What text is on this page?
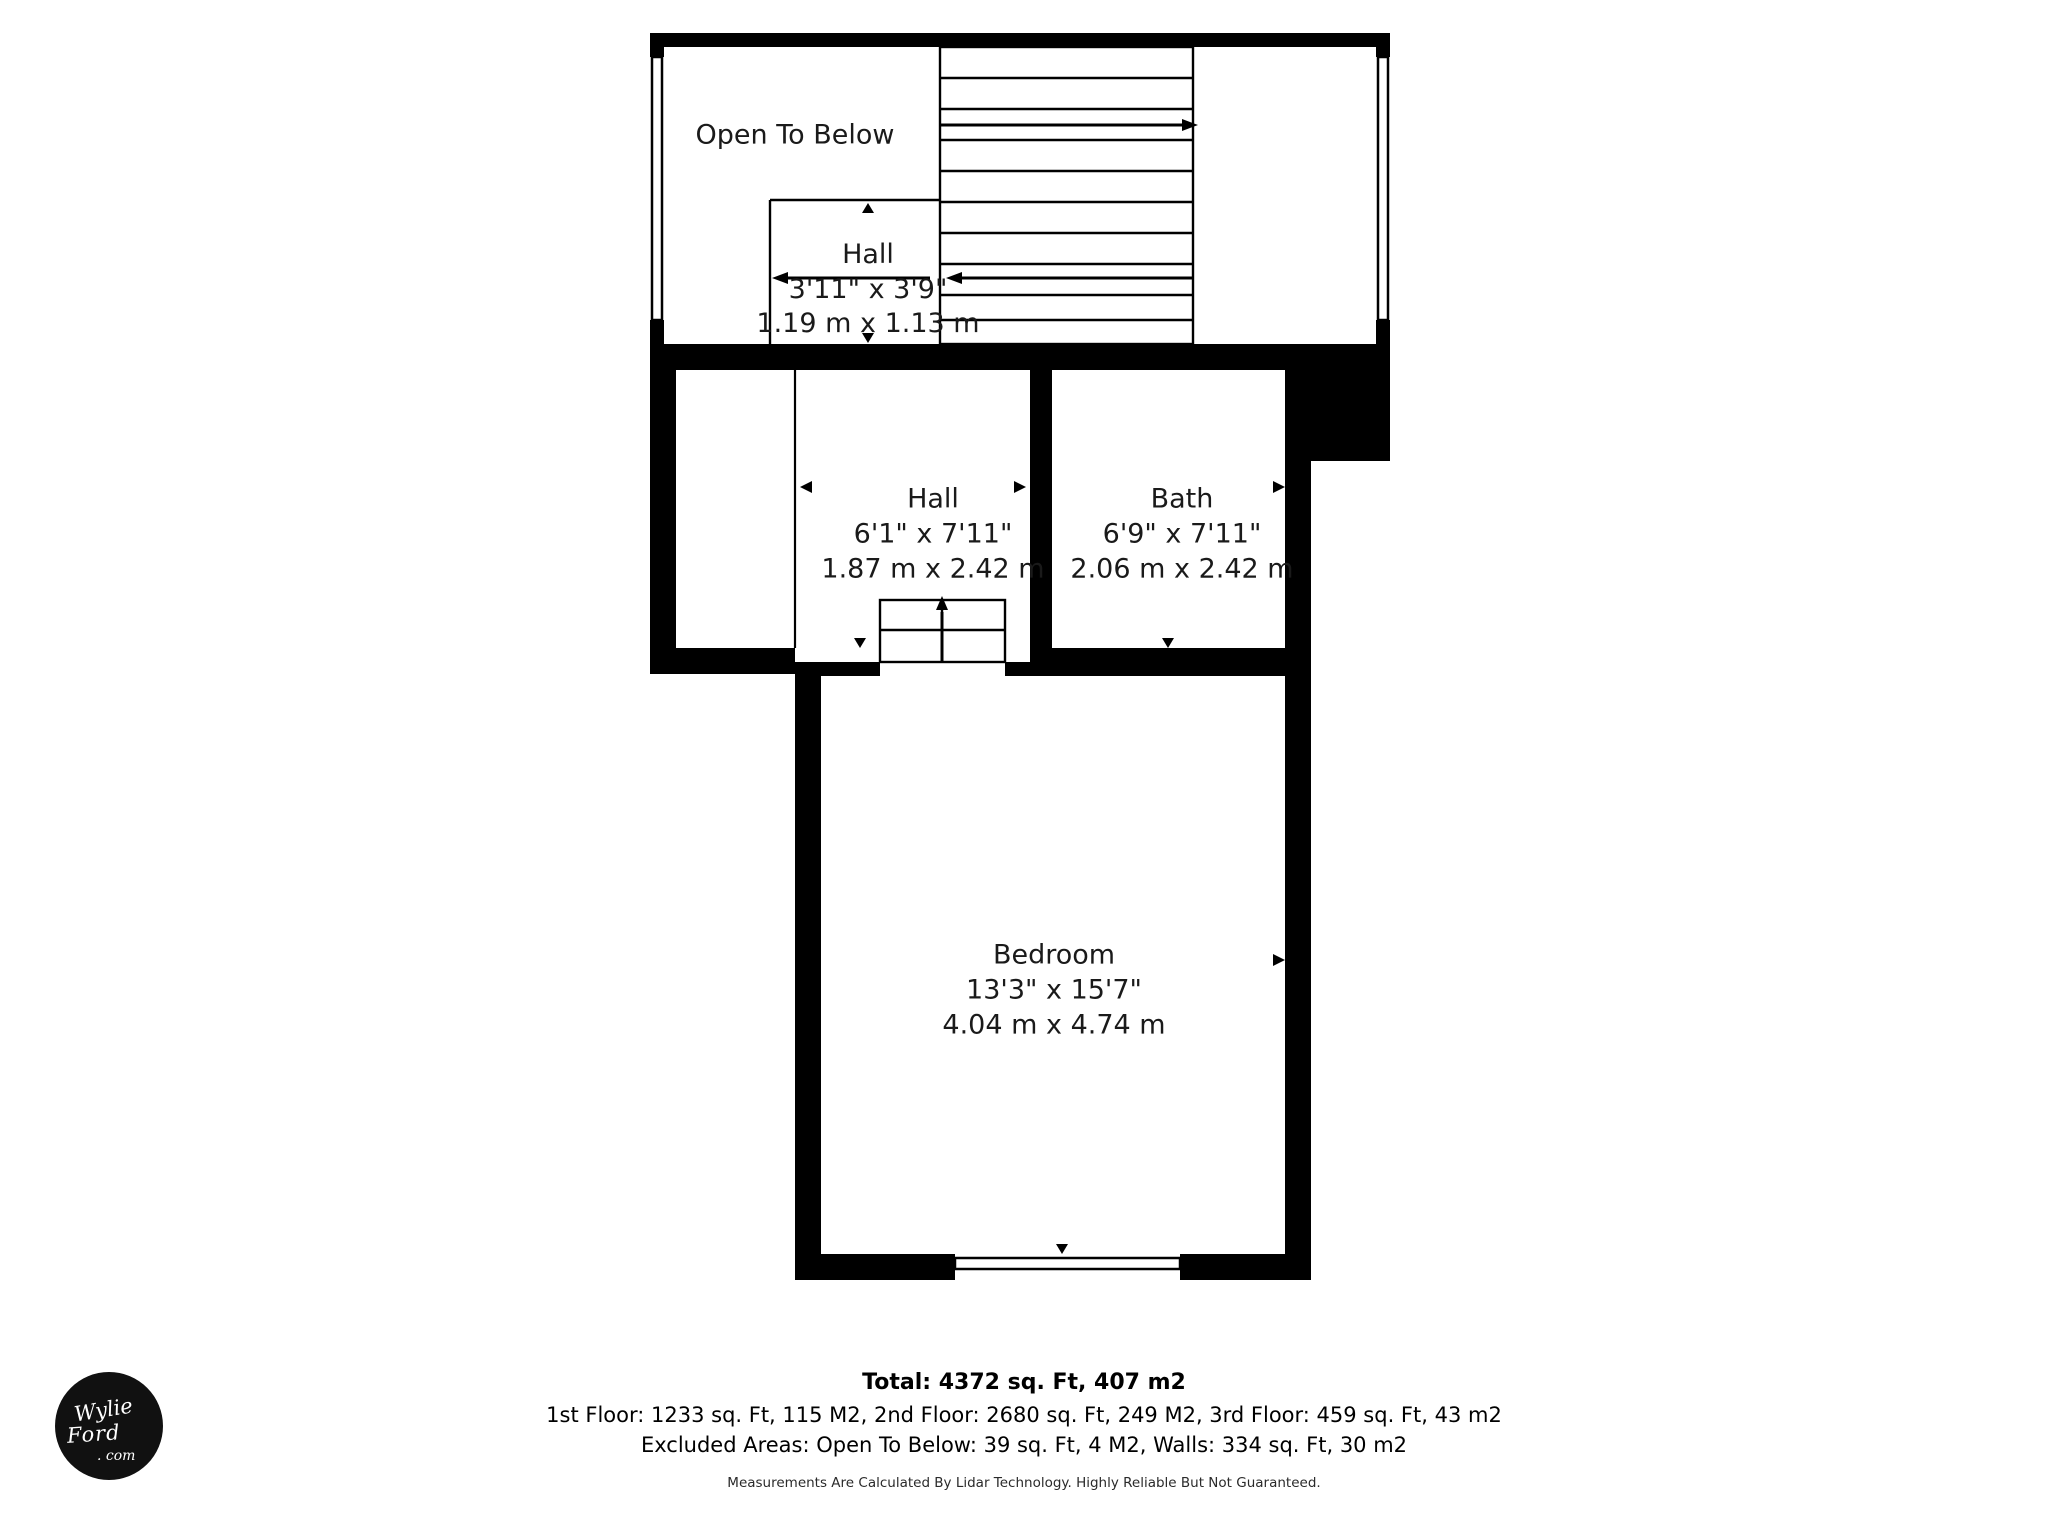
Open To Below
Hall
3'11" x 3'9"
1.19 m x 1.13 m
Hall
6'1" x 7'11"
1.87 m x 2.42 m
Bath
6'9" x 7'11"
2.06 m x 2.42 m
Bedroom
13'3" x 15'7"
4.04 m x 4.74 m
Total: 4372 sq. Ft, 407 m2
1st Floor: 1233 sq. Ft, 115 M2, 2nd Floor: 2680 sq. Ft, 249 M2, 3rd Floor: 459 sq. Ft, 43 m2
Excluded Areas: Open To Below: 39 sq. Ft, 4 M2, Walls: 334 sq. Ft, 30 m2
Measurements Are Calculated By Lidar Technology. Highly Reliable But Not Guaranteed.
Wylie
Ford
. com
